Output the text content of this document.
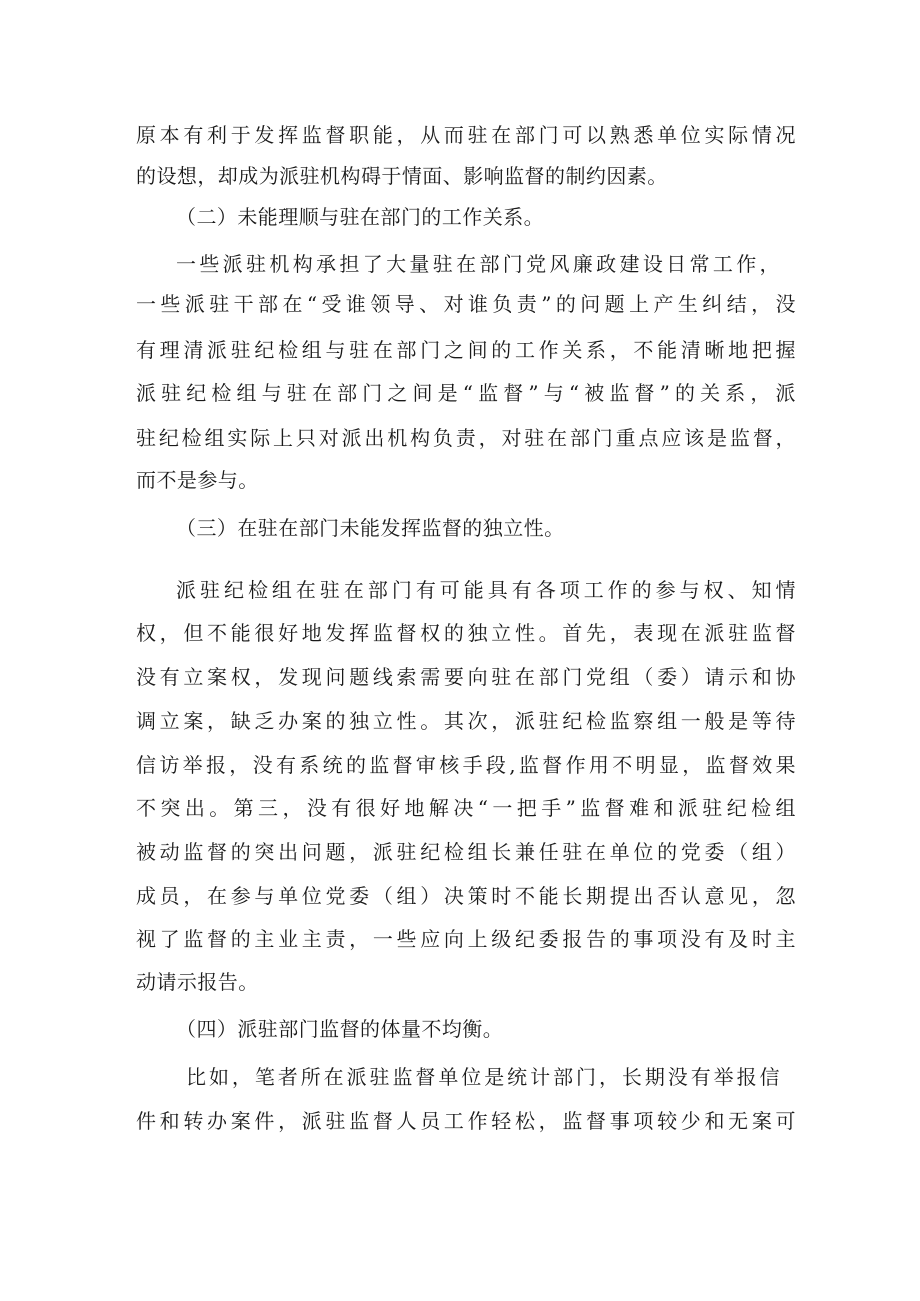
原本有利于发挥监督职能，从而驻在部门可以熟悉单位实际情况
的设想，却成为派驻机构碍于情面、影响监督的制约因素。
（二）未能理顺与驻在部门的工作关系。
一些派驻机构承担了大量驻在部门党风廉政建设日常工作，
一些派驻干部在“受谁领导、对谁负责”的问题上产生纠结，没
有理清派驻纪检组与驻在部门之间的工作关系，不能清晰地把握
派驻纪检组与驻在部门之间是“监督”与“被监督”的关系，派
驻纪检组实际上只对派出机构负责，对驻在部门重点应该是监督，
而不是参与。
（三）在驻在部门未能发挥监督的独立性。
派驻纪检组在驻在部门有可能具有各项工作的参与权、知情
权，但不能很好地发挥监督权的独立性。首先，表现在派驻监督
没有立案权，发现问题线索需要向驻在部门党组（委）请示和协
调立案，缺乏办案的独立性。其次，派驻纪检监察组一般是等待
信访举报，没有系统的监督审核手段,监督作用不明显，监督效果
不突出。第三，没有很好地解决“一把手”监督难和派驻纪检组
被动监督的突出问题，派驻纪检组长兼任驻在单位的党委（组）
成员，在参与单位党委（组）决策时不能长期提出否认意见，忽
视了监督的主业主责，一些应向上级纪委报告的事项没有及时主
动请示报告。
（四）派驻部门监督的体量不均衡。
比如，笔者所在派驻监督单位是统计部门，长期没有举报信
件和转办案件，派驻监督人员工作轻松，监督事项较少和无案可
